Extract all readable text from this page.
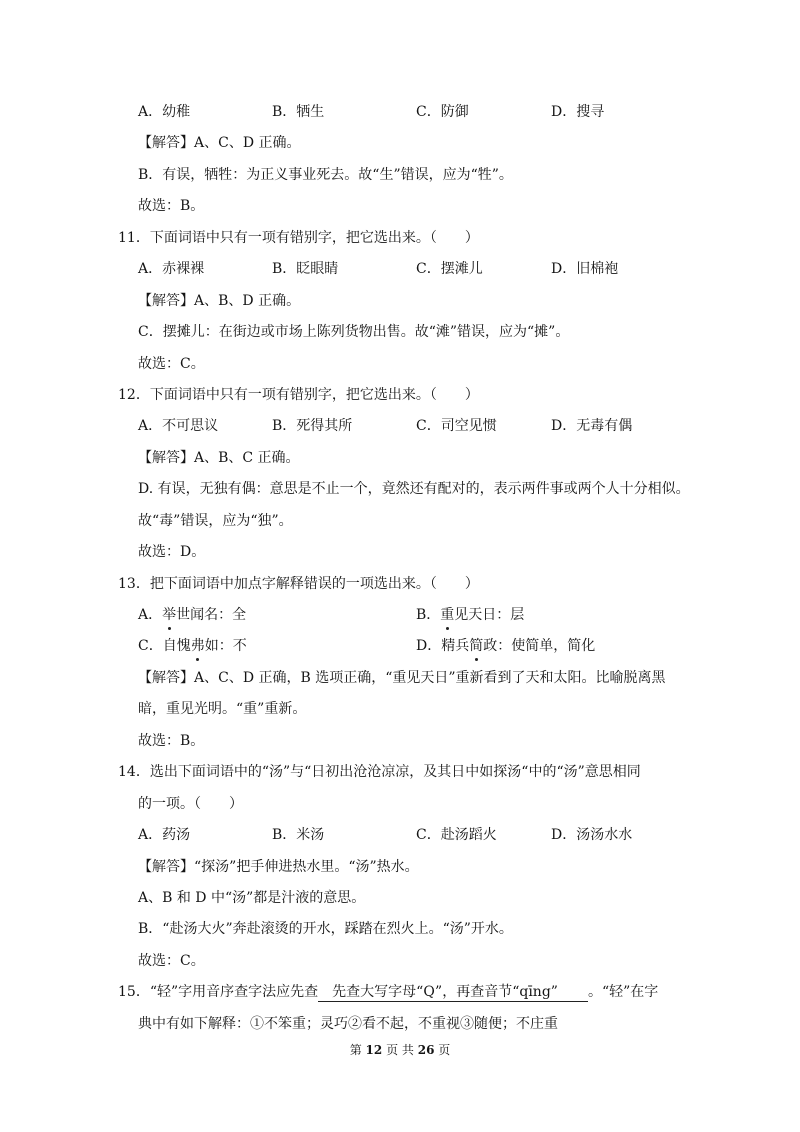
A．幼稚	B．牺生	C．防御	D．搜寻
【解答】A、C、D 正确。
B．有误，牺牲：为正义事业死去。故“生”错误，应为“牲”。
故选：B。
11．下面词语中只有一项有错别字，把它选出来。（　　）
A．赤裸裸	B．眨眼睛	C．摆滩儿	D．旧棉袍
【解答】A、B、D 正确。
C．摆摊儿：在街边或市场上陈列货物出售。故“滩”错误，应为“摊”。
故选：C。
12．下面词语中只有一项有错别字，把它选出来。（　　）
A．不可思议	B．死得其所	C．司空见惯	D．无毒有偶
【解答】A、B、C 正确。
D. 有误，无独有偶：意思是不止一个，竟然还有配对的，表示两件事或两个人十分相似。
故“毒”错误，应为“独”。
故选：D。
13．把下面词语中加点字解释错误的一项选出来。（　　）
A．举世闻名：全	B．重见天日：层
C．自愧弗如：不	D．精兵简政：使简单，简化
【解答】A、C、D 正确，B 选项正确，“重见天日”重新看到了天和太阳。比喻脱离黑
暗，重见光明。“重”重新。
故选：B。
14．选出下面词语中的“汤”与“日初出沧沧凉凉，及其日中如探汤“中的“汤”意思相同
的一项。（　　）
A．药汤	B．米汤	C．赴汤蹈火	D．汤汤水水
【解答】“探汤”把手伸进热水里。“汤”热水。
A、B 和 D 中“汤”都是汁液的意思。
B．“赴汤大火”奔赴滚烫的开水，踩踏在烈火上。“汤”开水。
故选：C。
15．“轻”字用音序查字法应先查 先查大写字母“Q”，再查音节“qīng” 。“轻”在字
典中有如下解释：①不笨重；灵巧②看不起，不重视③随便；不庄重
第 12 页 共 26 页
